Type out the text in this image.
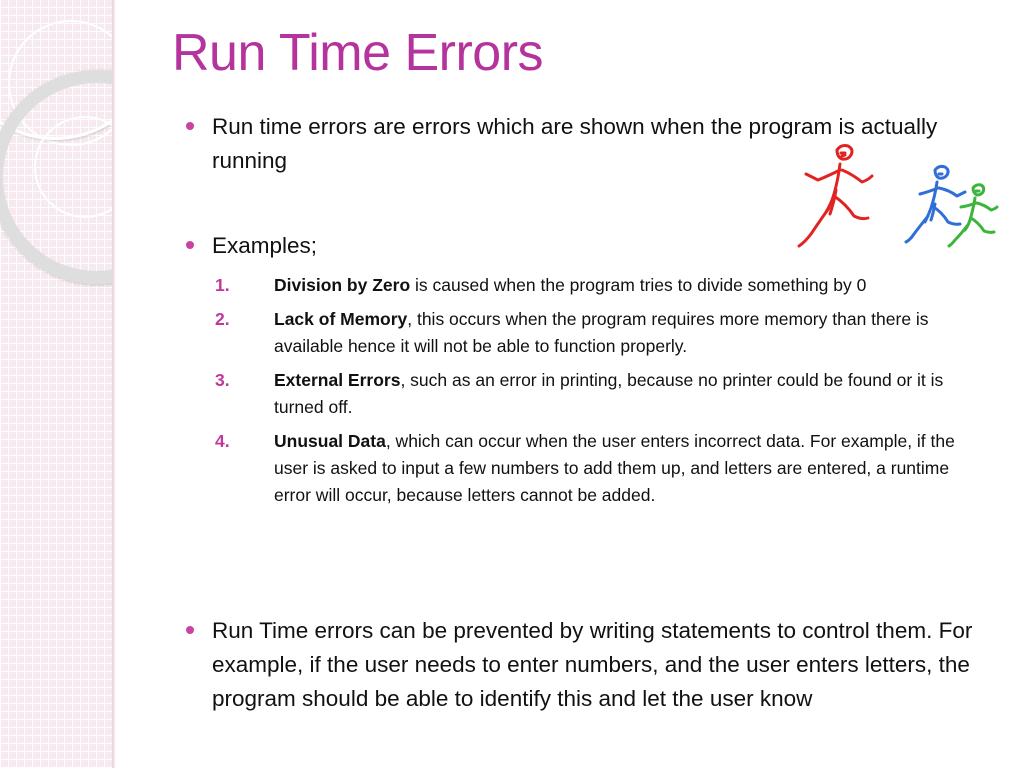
Run Time Errors
Run time errors are errors which are shown when the program is actually running
Examples;
1.	Division by Zero is caused when the program tries to divide something by 0
2.	Lack of Memory, this occurs when the program requires more memory than there is available hence it will not be able to function properly.
3.	External Errors, such as an error in printing, because no printer could be found or it is turned off.
4.	Unusual Data, which can occur when the user enters incorrect data. For example, if the user is asked to input a few numbers to add them up, and letters are entered, a runtime error will occur, because letters cannot be added.
Run Time errors can be prevented by writing statements to control them. For example, if the user needs to enter numbers, and the user enters letters, the program should be able to identify this and let the user know
